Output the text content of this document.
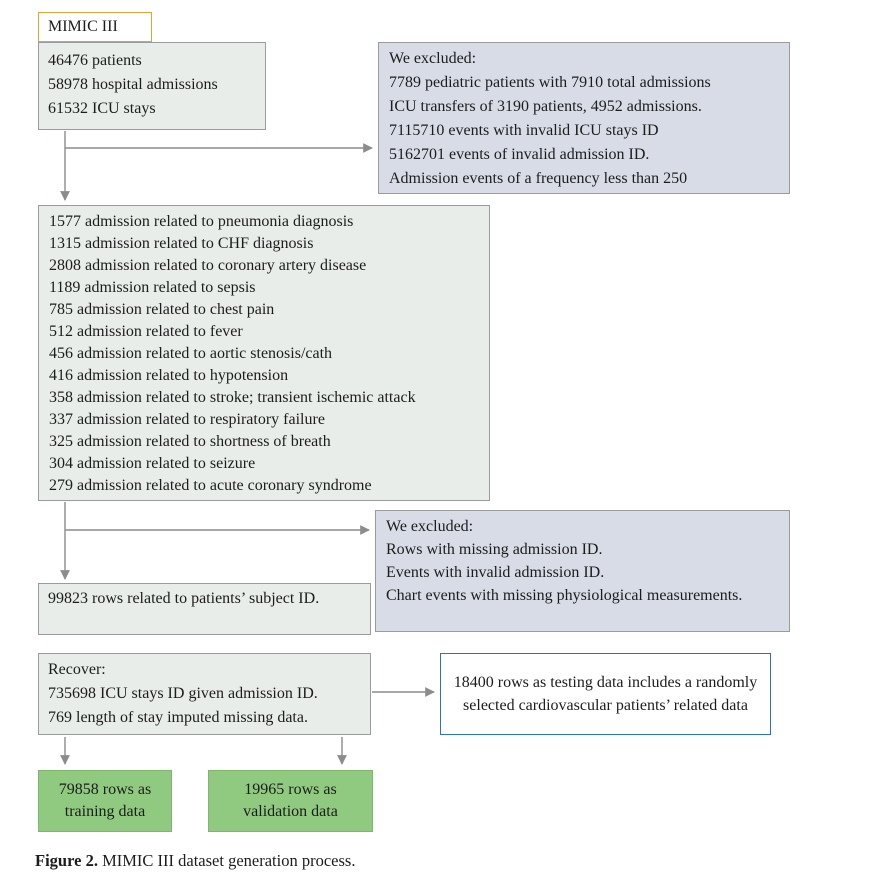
MIMIC III
46476 patients
58978 hospital admissions
61532 ICU stays
We excluded:
7789 pediatric patients with 7910 total admissions
ICU transfers of 3190 patients, 4952 admissions.
7115710 events with invalid ICU stays ID
5162701 events of invalid admission ID.
Admission events of a frequency less than 250
1577 admission related to pneumonia diagnosis
1315 admission related to CHF diagnosis
2808 admission related to coronary artery disease
1189 admission related to sepsis
785 admission related to chest pain
512 admission related to fever
456 admission related to aortic stenosis/cath
416 admission related to hypotension
358 admission related to stroke; transient ischemic attack
337 admission related to respiratory failure
325 admission related to shortness of breath
304 admission related to seizure
279 admission related to acute coronary syndrome
We excluded:
Rows with missing admission ID.
Events with invalid admission ID.
Chart events with missing physiological measurements.
99823 rows related to patients’ subject ID.
Recover:
735698 ICU stays ID given admission ID.
769 length of stay imputed missing data.
18400 rows as testing data includes a randomly selected cardiovascular patients’ related data
79858 rows as
training data
19965 rows as
validation data
Figure 2. MIMIC III dataset generation process.
